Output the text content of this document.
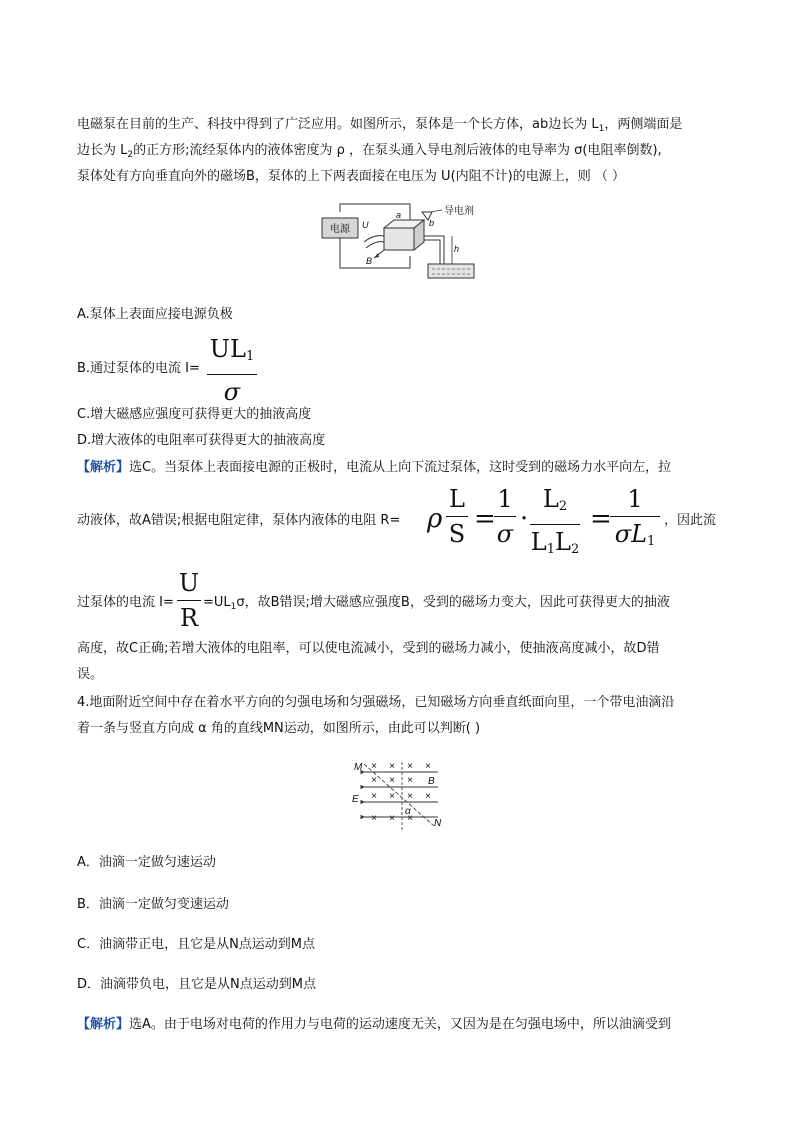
电磁泵在目前的生产、科技中得到了广泛应用。如图所示，泵体是一个长方体，ab边长为 $L_1$，两侧端面是
边长为 $L_2$的正方形;流经泵体内的液体密度为 ρ ，在泵头通入导电剂后液体的电导率为 σ(电阻率倒数),
泵体处有方向垂直向外的磁场B，泵体的上下两表面接在电压为 U(内阻不计)的电源上，则 （ ）
电源 U
a
b
B
导电剂
h
A.泵体上表面应接电源负极
B.通过泵体的电流 I=
$UL_1$
σ
C.增大磁感应强度可获得更大的抽液高度
D.增大液体的电阻率可获得更大的抽液高度
【解析】选C。当泵体上表面接电源的正极时，电流从上向下流过泵体，这时受到的磁场力水平向左，拉
动液体，故A错误;根据电阻定律，泵体内液体的电阻 R= ρ
L
S =
1
σ ·
$L_2$
$L_1L_2$
=
1
$\sigma L_1$
，因此流
过泵体的电流 I=
U
R
$=UL_1\sigma$，故B错误;增大磁感应强度B，受到的磁场力变大，因此可获得更大的抽液
高度，故C正确;若增大液体的电阻率，可以使电流减小，受到的磁场力减小，使抽液高度减小，故D错
误。
4.地面附近空间中存在着水平方向的匀强电场和匀强磁场，已知磁场方向垂直纸面向里，一个带电油滴沿
着一条与竖直方向成 α 角的直线MN运动，如图所示，由此可以判断( )
× × × ×
× × ×
× × × ×
× × ×
M
B
E
α
N
A．油滴一定做匀速运动
B．油滴一定做匀变速运动
C．油滴带正电，且它是从N点运动到M点
D．油滴带负电，且它是从N点运动到M点
【解析】选A。由于电场对电荷的作用力与电荷的运动速度无关，又因为是在匀强电场中，所以油滴受到
